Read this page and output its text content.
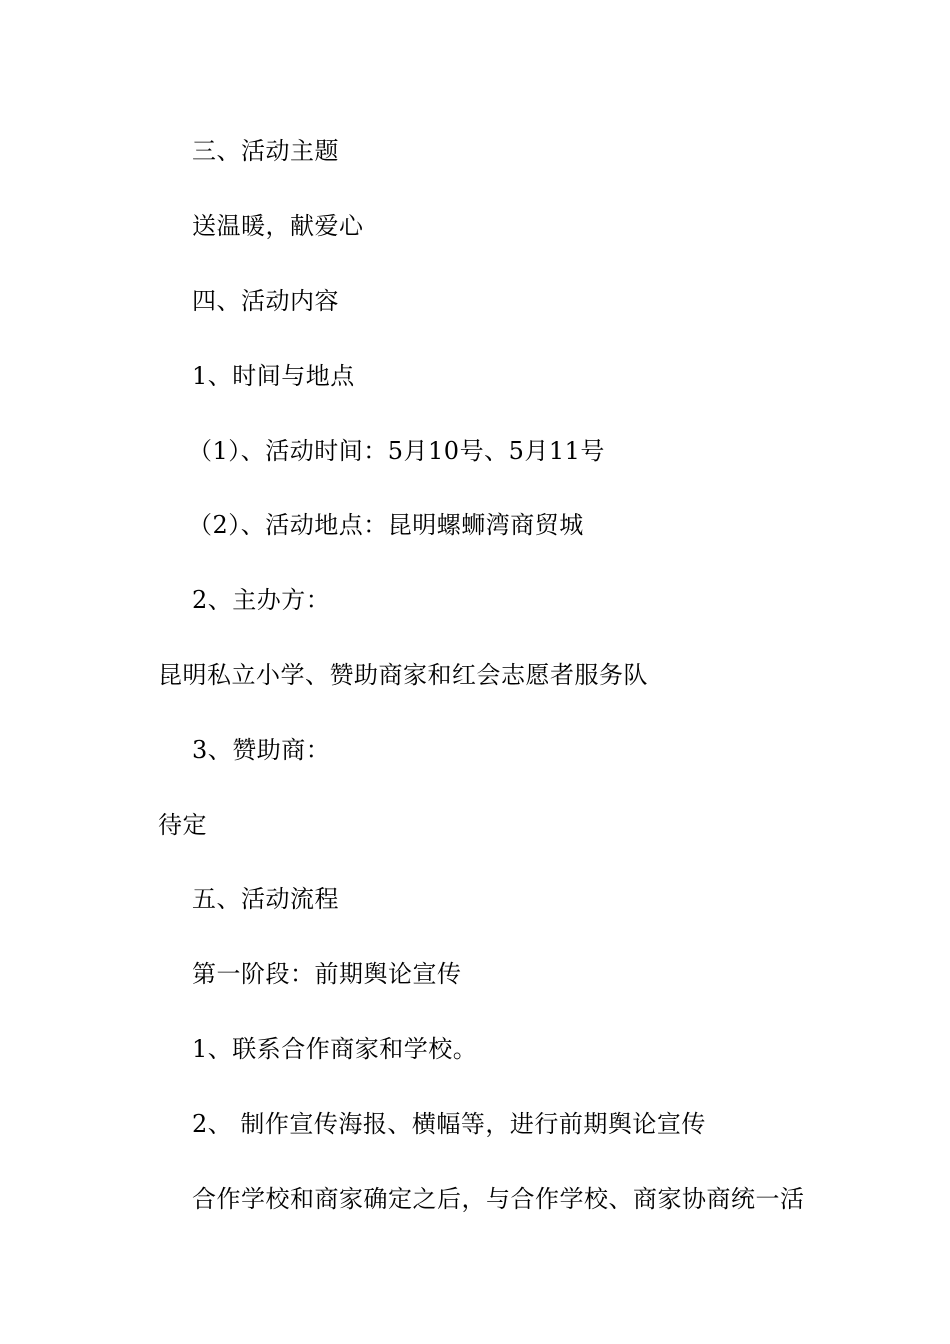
三、活动主题
送温暖，献爱心
四、活动内容
1、时间与地点
（1）、活动时间：5月10号、5月11号
（2）、活动地点：昆明螺蛳湾商贸城
2、主办方：
昆明私立小学、赞助商家和红会志愿者服务队
3、赞助商：
待定
五、活动流程
第一阶段：前期舆论宣传
1、联系合作商家和学校。
2、 制作宣传海报、横幅等，进行前期舆论宣传
合作学校和商家确定之后，与合作学校、商家协商统一活
